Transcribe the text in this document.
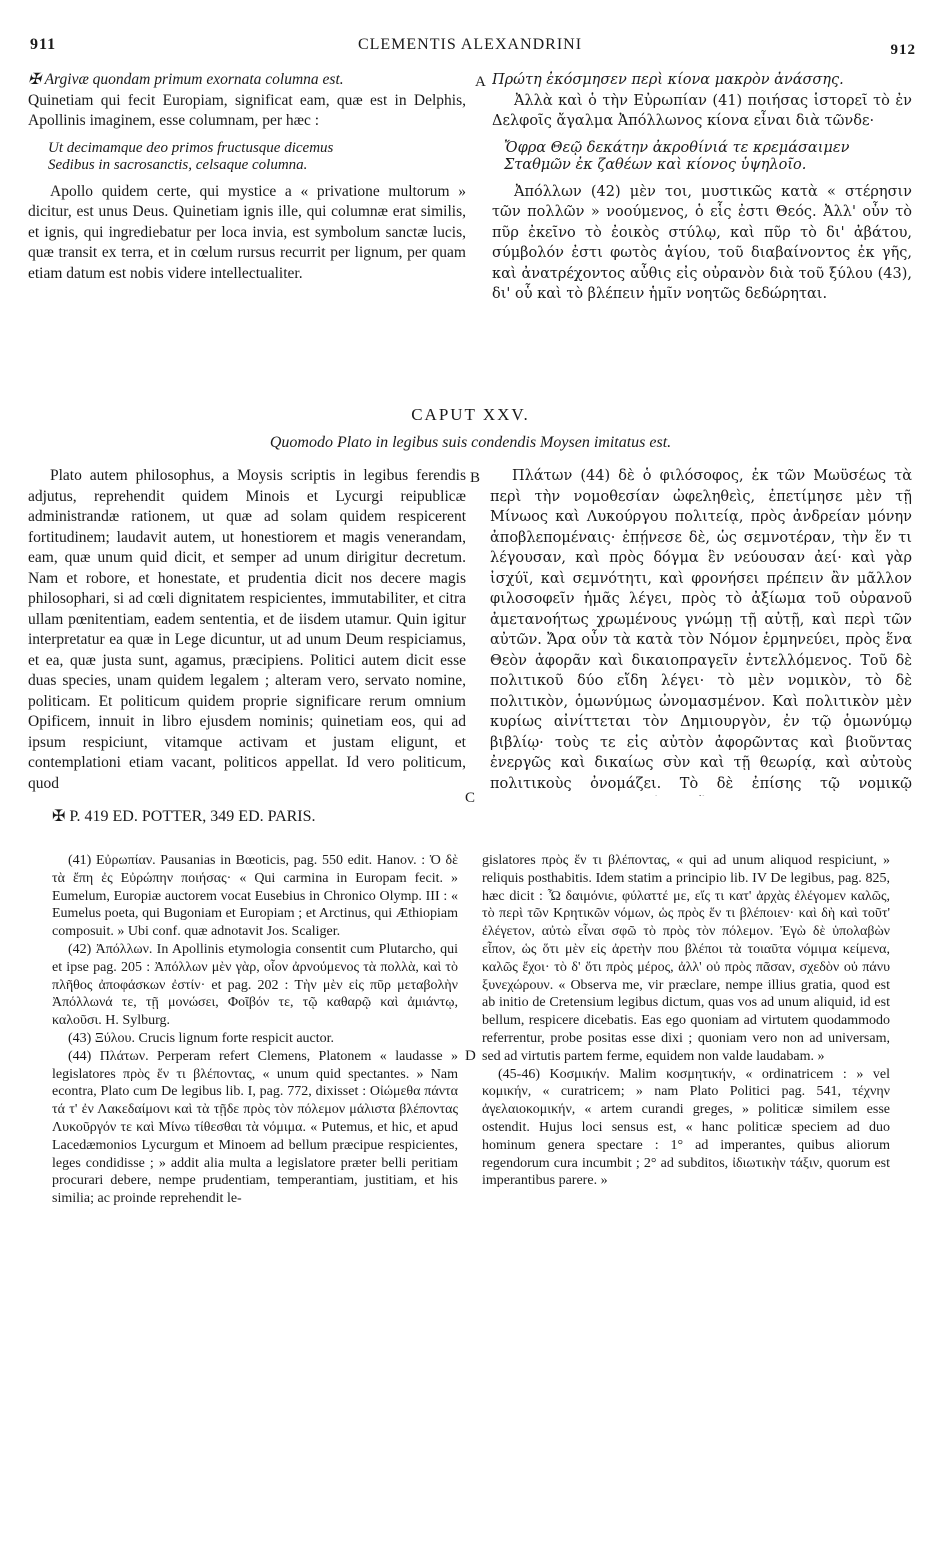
911	CLEMENTIS ALEXANDRINI	912

✠ Argivæ quondam primum exornata columna est.

Quinetiam qui fecit Europiam, significat eam, quæ est in Delphis, Apollinis imaginem, esse columnam, per hæc :

Ut decimamque deo primos fructusque dicemus
Sedibus in sacrosanctis, celsaque columna.

Apollo quidem certe, qui mystice a « privatione multorum » dicitur, est unus Deus. Quinetiam ignis ille, qui columnæ erat similis, et ignis, qui ingrediebatur per loca invia, est symbolum sanctæ lucis, quæ transit ex terra, et in cœlum rursus recurrit per lignum, per quam etiam datum est nobis videre intellectualiter.

A Πρώτη ἐκόσμησεν περὶ κίονα μακρὸν ἀνάσσης.

Ἀλλὰ καὶ ὁ τὴν Εὐρωπίαν (41) ποιήσας ἱστορεῖ τὸ ἐν Δελφοῖς ἄγαλμα Ἀπόλλωνος κίονα εἶναι διὰ τῶνδε·

Ὄφρα Θεῷ δεκάτην ἀκροθίνιά τε κρεμάσαιμεν
Σταθμῶν ἐκ ζαθέων καὶ κίονος ὑψηλοῖο.

Ἀπόλλων (42) μὲν τοι, μυστικῶς κατὰ « στέρησιν τῶν πολλῶν » νοούμενος, ὁ εἷς ἐστι Θεός. Ἀλλ' οὖν τὸ πῦρ ἐκεῖνο τὸ ἐοικὸς στύλῳ, καὶ πῦρ τὸ δι' ἀβάτου, σύμβολόν ἐστι φωτὸς ἁγίου, τοῦ διαβαίνοντος ἐκ γῆς, καὶ ἀνατρέχοντος αὖθις εἰς οὐρανὸν διὰ τοῦ ξύλου (43), δι' οὗ καὶ τὸ βλέπειν ἡμῖν νοητῶς δεδώρηται.

CAPUT XXV.
Quomodo Plato in legibus suis condendis Moysen imitatus est.

Plato autem philosophus, a Moysis scriptis in legibus ferendis adjutus, reprehendit quidem Minois et Lycurgi reipublicæ administrandæ rationem, ut quæ ad solam quidem respicerent fortitudinem; laudavit autem, ut honestiorem et magis venerandam, eam, quæ unum quid dicit, et semper ad unum dirigitur decretum. Nam et robore, et honestate, et prudentia dicit nos decere magis philosophari, si ad cœli dignitatem respicientes, immutabiliter, et citra ullam pœnitentiam, eadem sententia, et de iisdem utamur. Quin igitur interpretatur ea quæ in Lege dicuntur, ut ad unum Deum respiciamus, et ea, quæ justa sunt, agamus, præcipiens. Politici autem dicit esse duas species, unam quidem legalem ; alteram vero, servato nomine, politicam. Et politicum quidem proprie significare rerum omnium Opificem, innuit in libro ejusdem nominis; quinetiam eos, qui ad ipsum respiciunt, vitamque activam et justam eligunt, et contemplationi etiam vacant, politicos appellat. Id vero politicum, quod

B
C

Πλάτων (44) δὲ ὁ φιλόσοφος, ἐκ τῶν Μωϋσέως τὰ περὶ τὴν νομοθεσίαν ὠφεληθεὶς, ἐπετίμησε μὲν τῇ Μίνωος καὶ Λυκούργου πολιτείᾳ, πρὸς ἀνδρείαν μόνην ἀποβλεπομέναις· ἐπῄνεσε δὲ, ὡς σεμνοτέραν, τὴν ἕν τι λέγουσαν, καὶ πρὸς δόγμα ἓν νεύουσαν ἀεί· καὶ γὰρ ἰσχύϊ, καὶ σεμνότητι, καὶ φρονήσει πρέπειν ἂν μᾶλλον φιλοσοφεῖν ἡμᾶς λέγει, πρὸς τὸ ἀξίωμα τοῦ οὐρανοῦ ἀμετανοήτως χρωμένους γνώμῃ τῇ αὐτῇ, καὶ περὶ τῶν αὐτῶν. Ἄρα οὖν τὰ κατὰ τὸν Νόμον ἑρμηνεύει, πρὸς ἕνα Θεὸν ἀφορᾶν καὶ δικαιοπραγεῖν ἐντελλόμενος. Τοῦ δὲ πολιτικοῦ δύο εἴδη λέγει· τὸ μὲν νομικὸν, τὸ δὲ πολιτικὸν, ὁμωνύμως ὠνομασμένον. Καὶ πολιτικὸν μὲν κυρίως αἰνίττεται τὸν Δημιουργὸν, ἐν τῷ ὁμωνύμῳ βιβλίῳ· τοὺς τε εἰς αὐτὸν ἀφορῶντας καὶ βιοῦντας ἐνεργῶς καὶ δικαίως σὺν καὶ τῇ θεωρίᾳ, καὶ αὐτοὺς πολιτικοὺς ὀνομάζει. Τὸ δὲ ἐπίσης τῷ νομικῷ

✠ P. 419 ED. POTTER, 349 ED. PARIS.

(41) Εὐρωπίαν. Pausanias in Bœoticis, pag. 550 edit. Hanov. : Ὁ δὲ τὰ ἔπη ἐς Εὐρώπην ποιήσας· « Qui carmina in Europam fecit. » Eumelum, Europiæ auctorem vocat Eusebius in Chronico Olymp. III : « Eumelus poeta, qui Bugoniam et Europiam ; et Arctinus, qui Æthiopiam composuit. » Ubi conf. quæ adnotavit Jos. Scaliger.

(42) Ἀπόλλων. In Apollinis etymologia consentit cum Plutarcho, qui et ipse pag. 205 : Ἀπόλλων μὲν γὰρ, οἷον ἀρνούμενος τὰ πολλὰ, καὶ τὸ πλῆθος ἀποφάσκων ἐστίν· et pag. 202 : Τὴν μὲν εἰς πῦρ μεταβολὴν Ἀπόλλωνά τε, τῇ μονώσει, Φοῖβόν τε, τῷ καθαρῷ καὶ ἀμιάντῳ, καλοῦσι. H. Sylburg.

(43) Ξύλου. Crucis lignum forte respicit auctor.

(44) Πλάτων. Perperam refert Clemens, Platonem « laudasse » legislatores πρὸς ἕν τι βλέποντας, « unum quid spectantes. » Nam econtra, Plato cum De legibus lib. I, pag. 772, dixisset : Οἰώμεθα πάντα τά τ' ἐν Λακεδαίμονι καὶ τὰ τῇδε πρὸς τὸν πόλεμον μάλιστα βλέποντας Λυκοῦργόν τε καὶ Μίνω τίθεσθαι τὰ νόμιμα. « Putemus, et hic, et apud Lacedæmonios Lycurgum et Minoem ad bellum præcipue respicientes, leges condidisse ; » addit alia multa a legislatore præter belli peritiam procurari debere, nempe prudentiam, temperantiam, justitiam, et his similia; ac proinde reprehendit le-

D

gislatores πρὸς ἕν τι βλέποντας, « qui ad unum aliquod respiciunt, » reliquis posthabitis. Idem statim a principio lib. IV De legibus, pag. 825, hæc dicit : Ὦ δαιμόνιε, φύλαττέ με, εἴς τι κατ' ἀρχὰς ἐλέγομεν καλῶς, τὸ περὶ τῶν Κρητικῶν νόμων, ὡς πρὸς ἕν τι βλέποιεν· καὶ δὴ καὶ τοῦτ' ἐλέγετον, αὐτὼ εἶναι σφῶ τὸ πρὸς τὸν πόλεμον. Ἐγὼ δὲ ὑπολαβὼν εἶπον, ὡς ὅτι μὲν εἰς ἀρετὴν που βλέποι τὰ τοιαῦτα νόμιμα κείμενα, καλῶς ἔχοι· τὸ δ' ὅτι πρὸς μέρος, ἀλλ' οὐ πρὸς πᾶσαν, σχεδὸν οὐ πάνυ ξυνεχώρουν. « Observa me, vir præclare, nempe illius gratia, quod est ab initio de Cretensium legibus dictum, quas vos ad unum aliquid, id est bellum, respicere dicebatis. Eas ego quoniam ad virtutem quodammodo referrentur, probe positas esse dixi ; quoniam vero non ad universam, sed ad virtutis partem ferme, equidem non valde laudabam. »

(45-46) Κοσμικήν. Malim κοσμητικήν, « ordinatricem : » vel κομικήν, « curatricem; » nam Plato Politici pag. 541, τέχνην ἀγελαιοκομικήν, « artem curandi greges, » politicæ similem esse ostendit. Hujus loci sensus est, « hanc politicæ speciem ad duo hominum genera spectare : 1° ad imperantes, quibus aliorum regendorum cura incumbit ; 2° ad subditos, ἰδιωτικὴν τάξιν, quorum est imperantibus parere. »
